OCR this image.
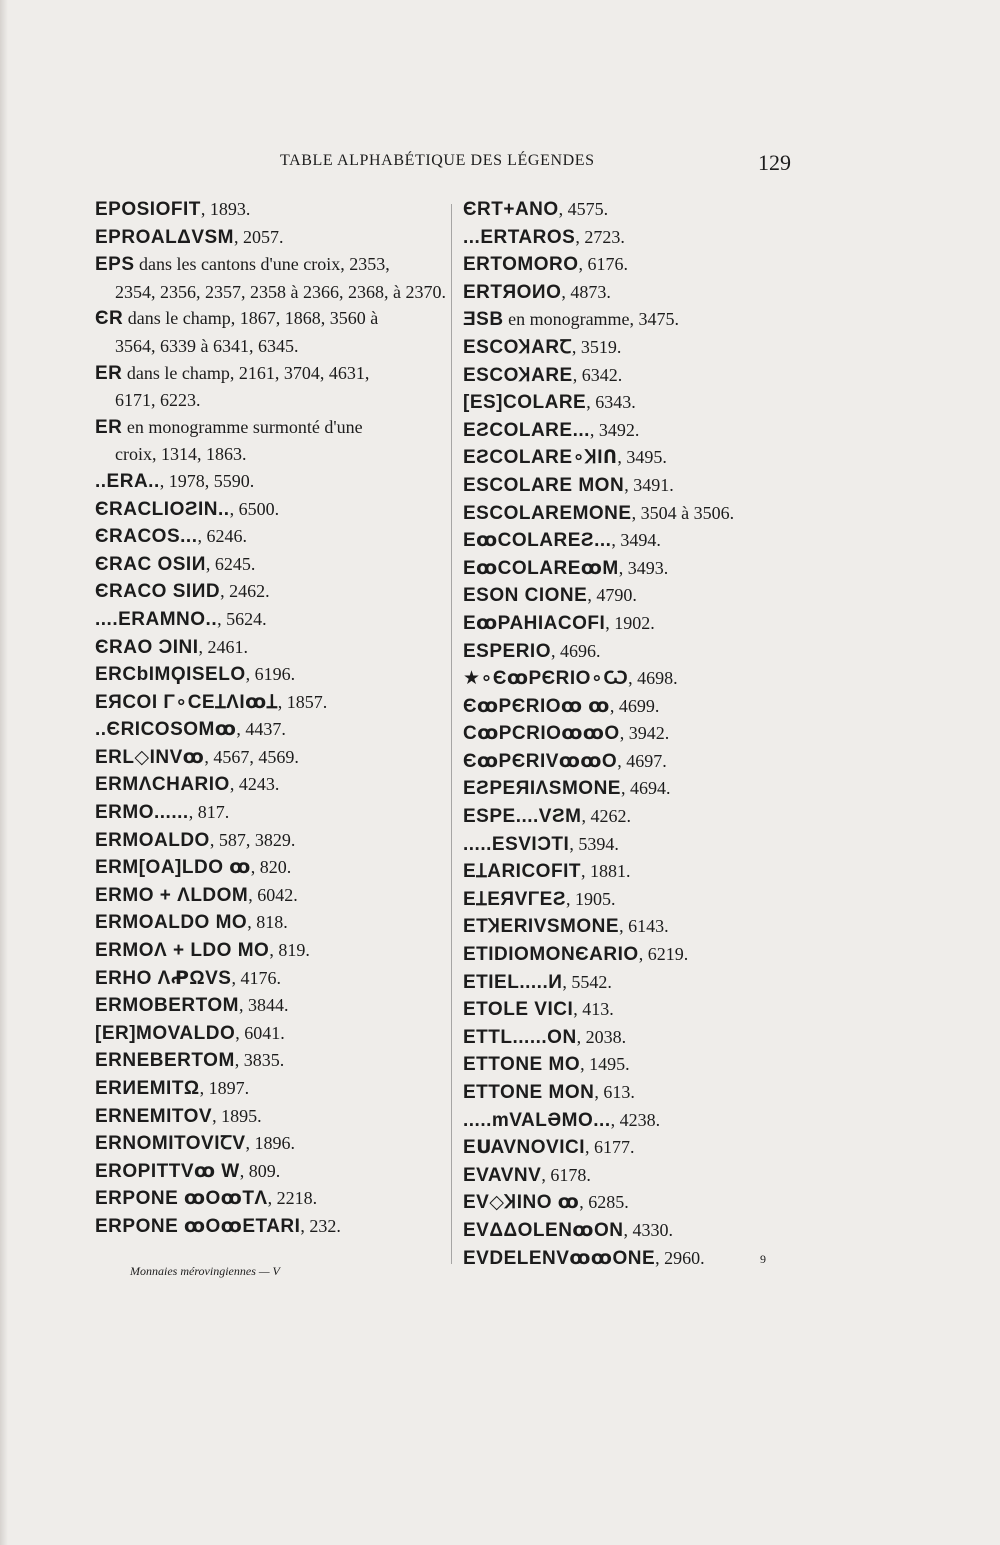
TABLE ALPHABÉTIQUE DES LÉGENDES	129
EPOSIOFIT, 1893.
EPROALΔVSM, 2057.
EPS dans les cantons d'une croix, 2353,
2354, 2356, 2357, 2358 à 2366, 2368, à 2370.
ЄR dans le champ, 1867, 1868, 3560 à
3564, 6339 à 6341, 6345.
ER dans le champ, 2161, 3704, 4631,
6171, 6223.
ER en monogramme surmonté d'une
croix, 1314, 1863.
..ERA.., 1978, 5590.
ЄRACLIOƧIN.., 6500.
ЄRACOS..., 6246.
ЄRAC OSIИ, 6245.
ЄRACO SIИD, 2462.
....ERAMNO.., 5624.
ЄRAO ƆINI, 2461.
ERCbIMϘISELO, 6196.
EЯCOI Γ∘CEꞱΛIꝏꞱ, 1857.
..ЄRICOSOMꝏ, 4437.
ERL◇INVꝏ, 4567, 4569.
ERMΛCHARIO, 4243.
ERMO......, 817.
ERMOALDO, 587, 3829.
ERM[OA]LDO ꝏ, 820.
ERMO + ΛLDOM, 6042.
ERMOALDO MO, 818.
ERMOΛ + LDO MO, 819.
ERHO ΛꝒΩVS, 4176.
ERMOBERTOM, 3844.
[ER]MOVALDO, 6041.
ERNEBERTOM, 3835.
ERИEMITΩ, 1897.
ERNEMITOV, 1895.
ERNOMITOVIꞆV, 1896.
EROPITTVꝏ W, 809.
ERPONE ꝏOꝏTΛ, 2218.
ERPONE ꝏOꝏETARI, 232.
ЄRT+ANO, 4575.
...ERTAROS, 2723.
ERTOMORO, 6176.
ERTЯOИO, 4873.
ƎSB en monogramme, 3475.
ESCOꞰARꞆ, 3519.
ESCOꞰARE, 6342.
[ES]COLARE, 6343.
EƧCOLARE..., 3492.
EƧCOLARE∘ꞰIՈ, 3495.
ESCOLARE MON, 3491.
ESCOLAREMONE, 3504 à 3506.
EꝏCOLAREƧ..., 3494.
EꝏCOLAREꝏM, 3493.
ESON CIONE, 4790.
EꝏPAHIACOFI, 1902.
ESPERIO, 4696.
★∘ЄꝏPЄRIO∘Ѡ, 4698.
ЄꝏPЄRIOꝏ ꝏ, 4699.
CꝏPCRIOꝏꝏO, 3942.
ЄꝏPЄRIVꝏꝏO, 4697.
EƧPEЯIΛSMONE, 4694.
ESPE....VƧM, 4262.
.....ESVIƆTI, 5394.
EꞱARICOFIT, 1881.
EꞱEЯVΓEƧ, 1905.
ETꞰERIVSMONE, 6143.
ETIDIOMONЄARIO, 6219.
ETIEL.....И, 5542.
ETOLE VICI, 413.
ETTL......ON, 2038.
ETTONE MO, 1495.
ETTONE MON, 613.
.....mVALƏMO..., 4238.
EՍAVNOVICI, 6177.
EVAVNV, 6178.
EV◇ꞰINO ꝏ, 6285.
EVΔΔOLENꝏON, 4330.
EVDELENVꝏꝏONE, 2960.
Monnaies mérovingiennes — V
9
